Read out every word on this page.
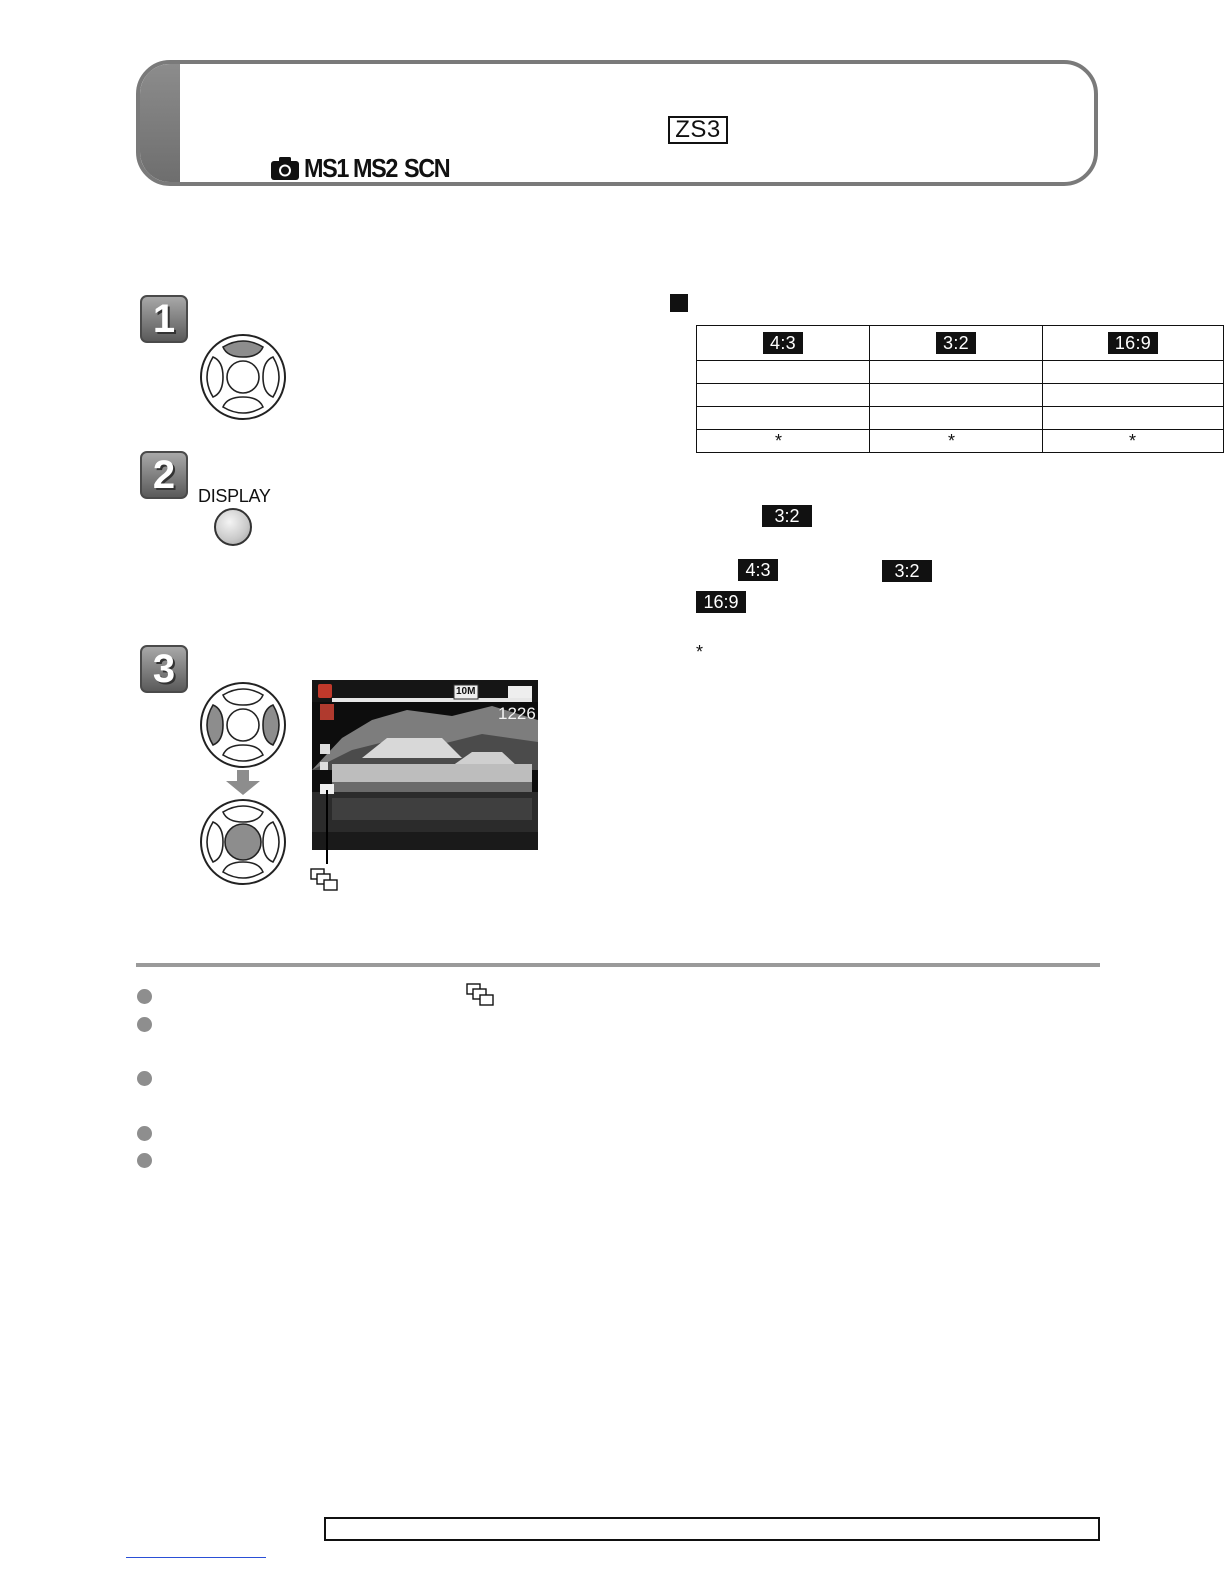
ZS3
MS1 MS2 SCN
1
2	DISPLAY
3
10M
1226
4:3	3:2	16:9

*	*	*
3:2
4:3	3:2
16:9
*
